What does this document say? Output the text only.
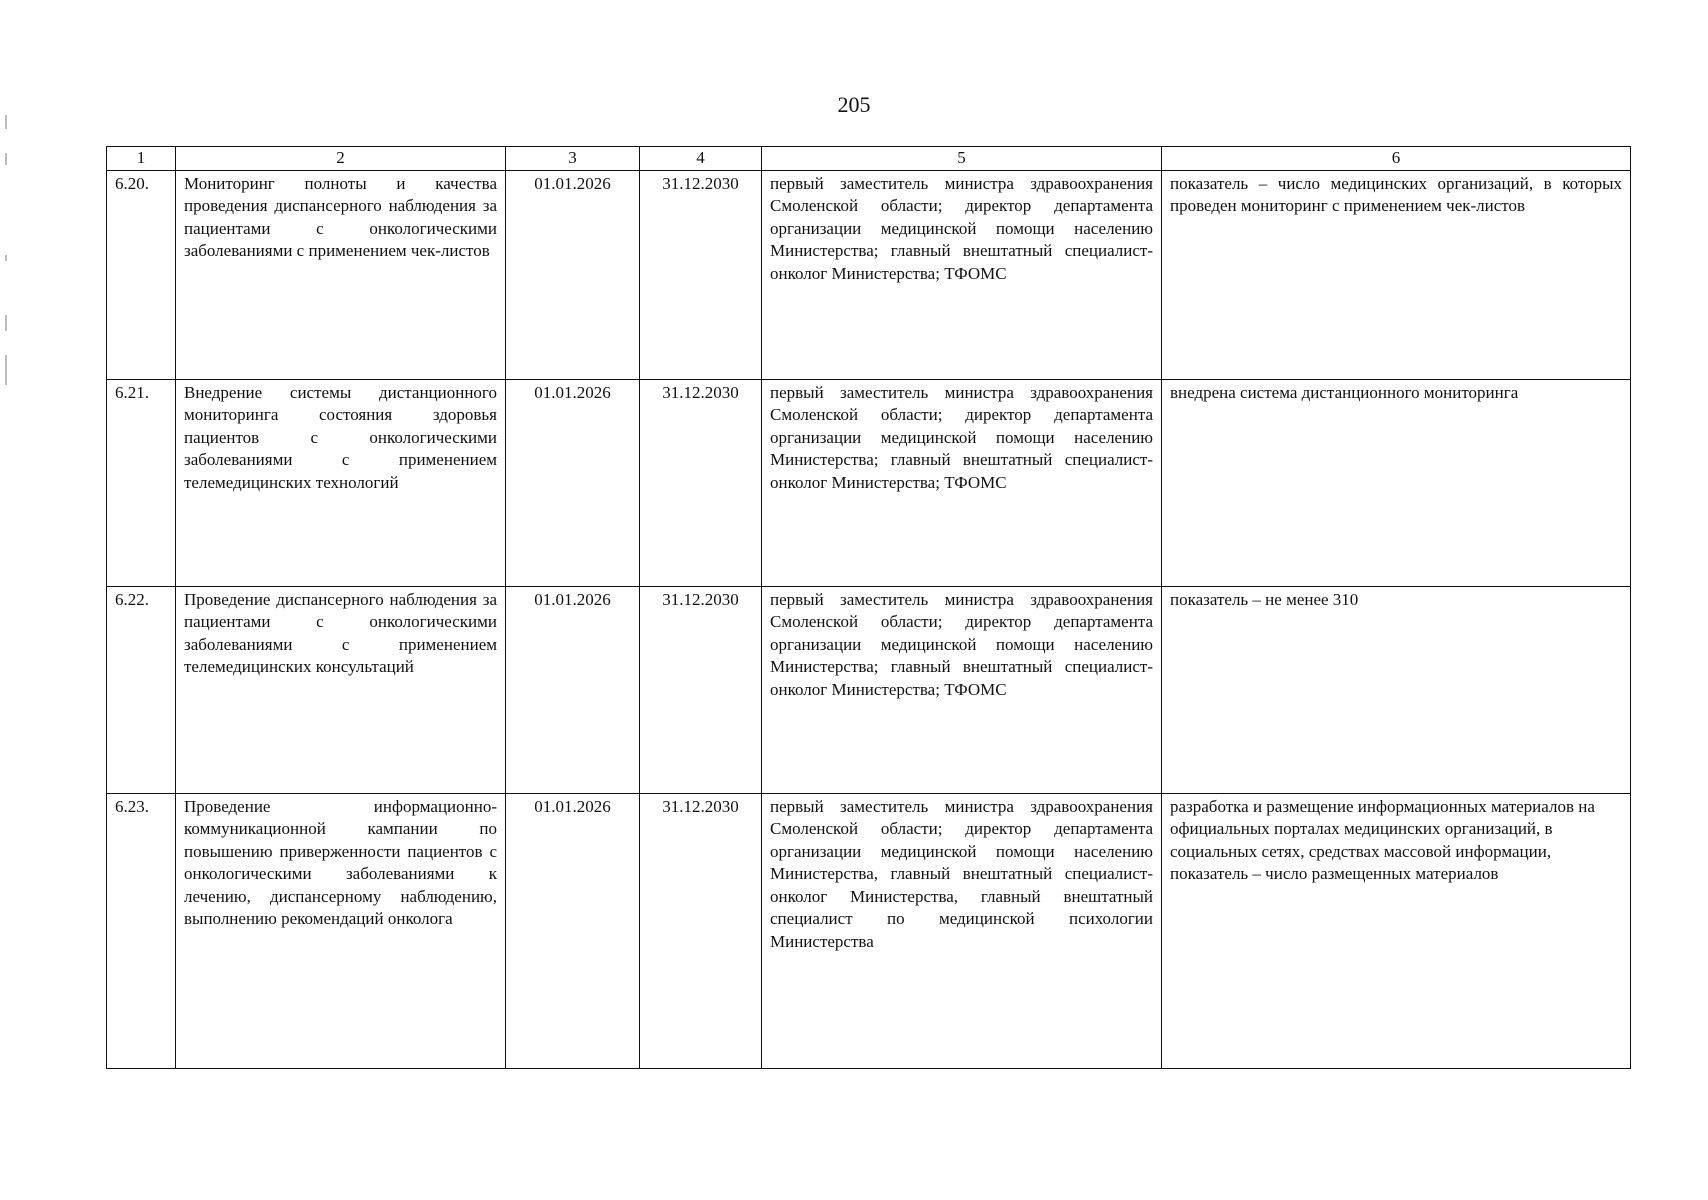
205
1	2	3	4	5	6
6.20.	Мониторинг полноты и качества проведения диспансерного наблюдения за пациентами с онкологическими заболеваниями с применением чек-листов	01.01.2026	31.12.2030	первый заместитель министра здравоохранения Смоленской области; директор департамента организации медицинской помощи населению Министерства; главный внештатный специалист-онколог Министерства; ТФОМС	показатель – число медицинских организаций, в которых проведен мониторинг с применением чек-листов
6.21.	Внедрение системы дистанционного мониторинга состояния здоровья пациентов с онкологическими заболеваниями с применением телемедицинских технологий	01.01.2026	31.12.2030	первый заместитель министра здравоохранения Смоленской области; директор департамента организации медицинской помощи населению Министерства; главный внештатный специалист-онколог Министерства; ТФОМС	внедрена система дистанционного мониторинга
6.22.	Проведение диспансерного наблюдения за пациентами с онкологическими заболеваниями с применением телемедицинских консультаций	01.01.2026	31.12.2030	первый заместитель министра здравоохранения Смоленской области; директор департамента организации медицинской помощи населению Министерства; главный внештатный специалист-онколог Министерства; ТФОМС	показатель – не менее 310
6.23.	Проведение информационно-коммуникационной кампании по повышению приверженности пациентов с онкологическими заболеваниями к лечению, диспансерному наблюдению, выполнению рекомендаций онколога	01.01.2026	31.12.2030	первый заместитель министра здравоохранения Смоленской области; директор департамента организации медицинской помощи населению Министерства, главный внештатный специалист-онколог Министерства, главный внештатный специалист по медицинской психологии Министерства	разработка и размещение информационных материалов на официальных порталах медицинских организаций, в социальных сетях, средствах массовой информации,
показатель – число размещенных материалов
